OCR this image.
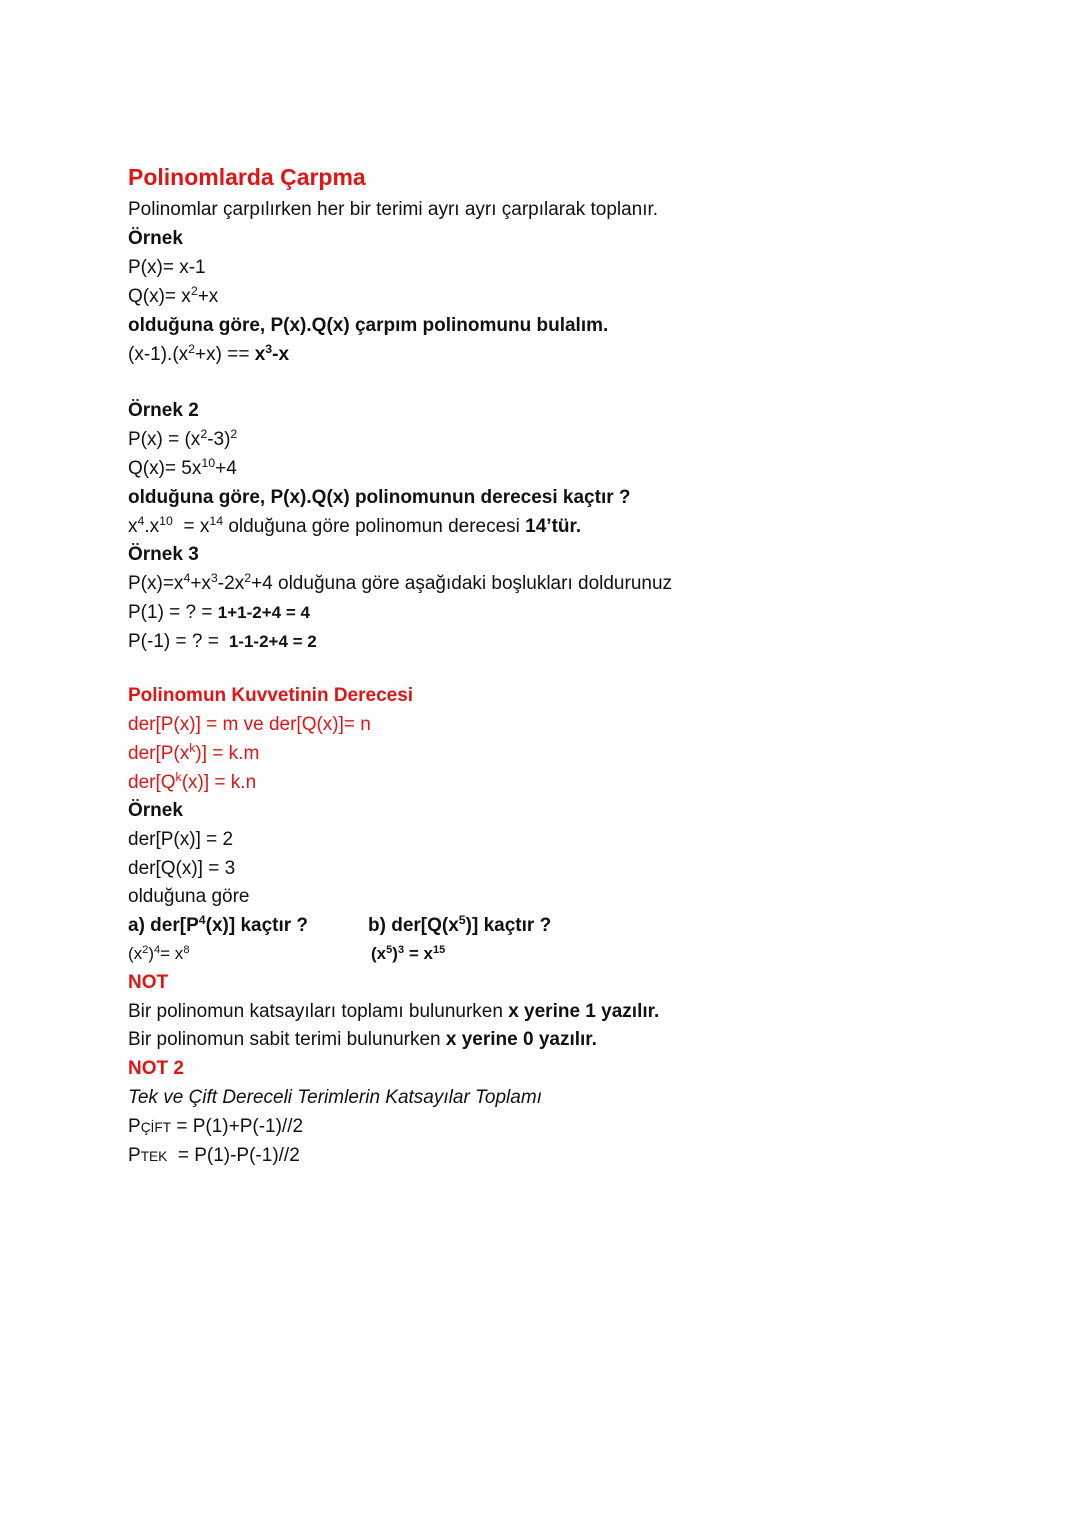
Polinomlarda Çarpma
Polinomlar çarpılırken her bir terimi ayrı ayrı çarpılarak toplanır.
Örnek
P(x)= x-1
$Q(x)= x^2+x$
olduğuna göre, P(x).Q(x) çarpım polinomunu bulalım.
$(x-1).(x^2+x) == x^3-x$
Örnek 2
$P(x) = (x^2-3)^2$
$Q(x)= 5x^{10}+4$
olduğuna göre, P(x).Q(x) polinomunun derecesi kaçtır ?
$x^4.x^{10} = x^{14}$ olduğuna göre polinomun derecesi 14’tür.
Örnek 3
$P(x)=x^4+x^3-2x^2+4$ olduğuna göre aşağıdaki boşlukları doldurunuz
P(1) = ? = 1+1-2+4 = 4
P(-1) = ? =  1-1-2+4 = 2
Polinomun Kuvvetinin Derecesi
der[P(x)] = m ve der[Q(x)]= n
$der[P(x^k)] = k.m$
$der[Q^k(x)] = k.n$
Örnek
der[P(x)] = 2
der[Q(x)] = 3
olduğuna göre
a) $der[P^4(x)]$ kaçtır ?	b) $der[Q(x^5)]$ kaçtır ?
$(x^2)^4= x^8$	$(x^5)^3 = x^{15}$
NOT
Bir polinomun katsayıları toplamı bulunurken x yerine 1 yazılır.
Bir polinomun sabit terimi bulunurken x yerine 0 yazılır.
NOT 2
Tek ve Çift Dereceli Terimlerin Katsayılar Toplamı
PÇİFT = P(1)+P(-1)//2
PTEK  = P(1)-P(-1)//2
